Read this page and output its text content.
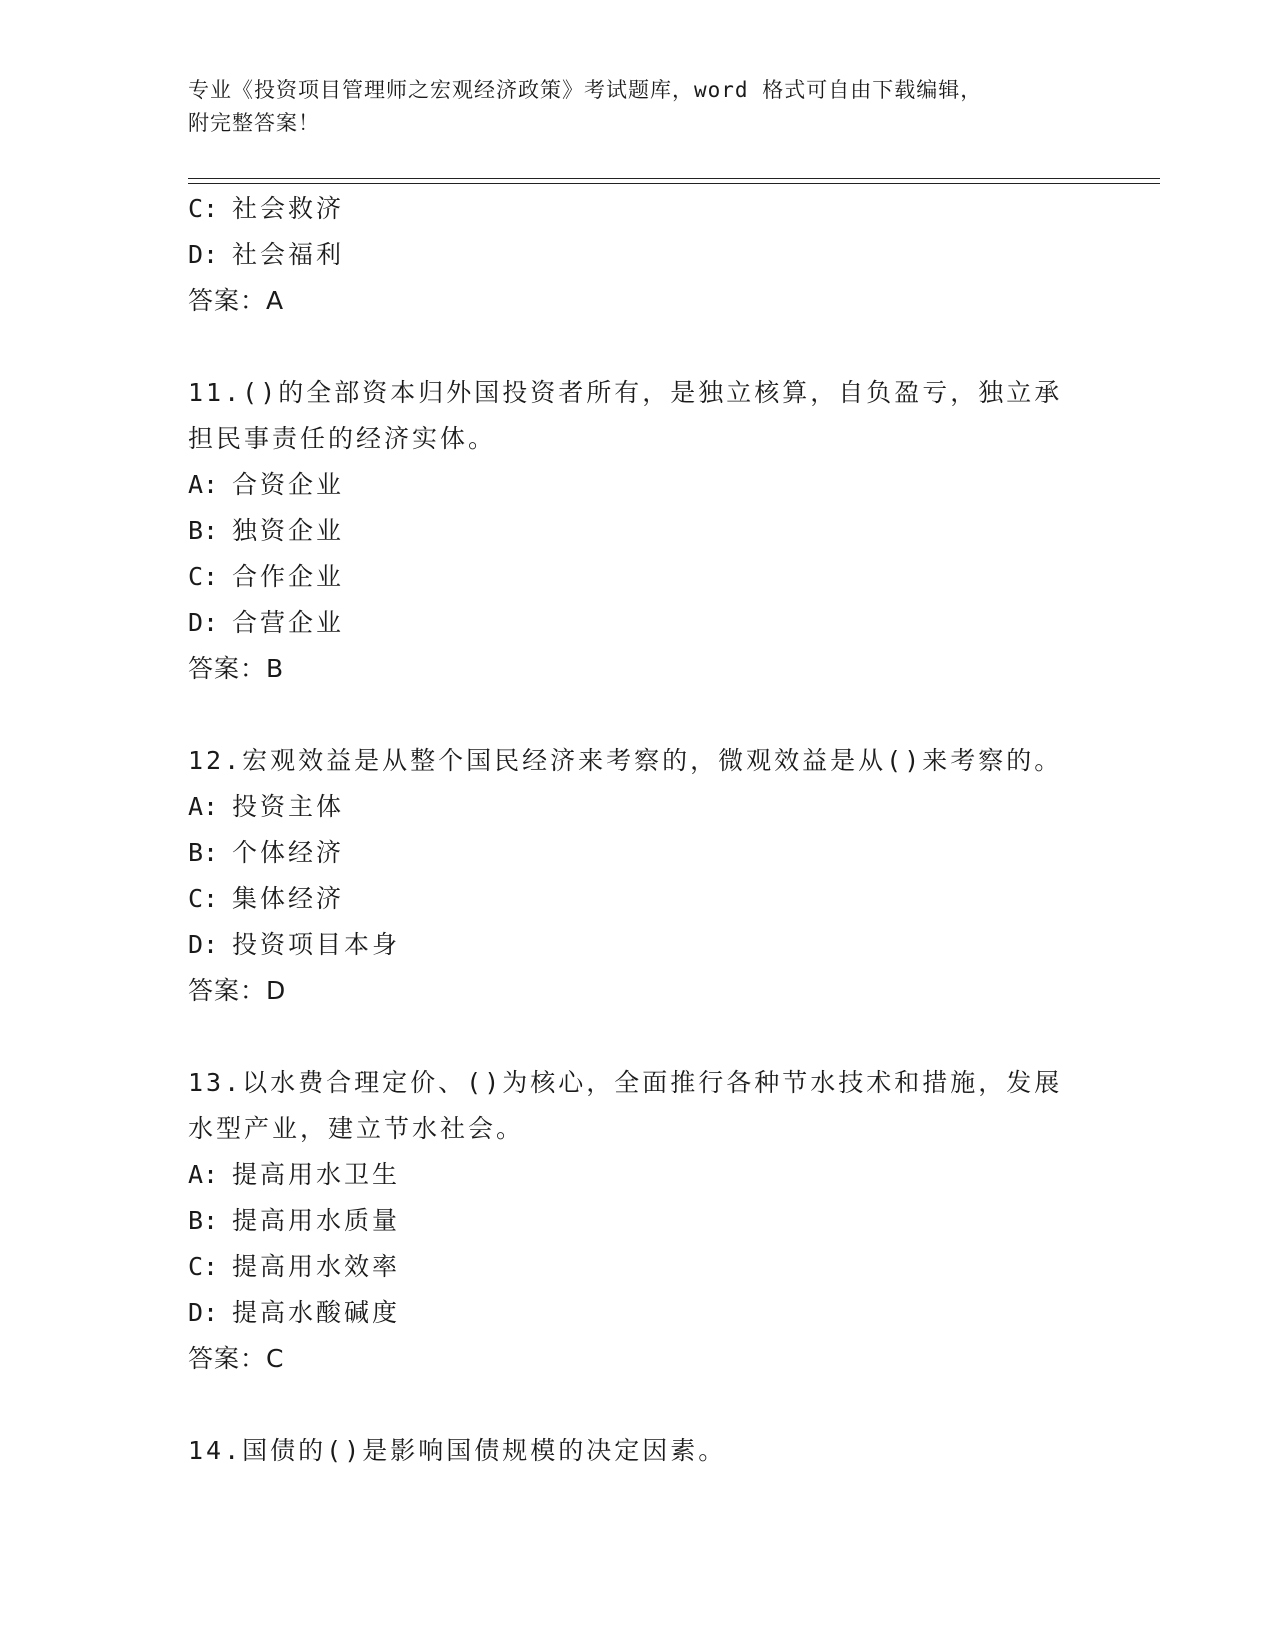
专业《投资项目管理师之宏观经济政策》考试题库，word 格式可自由下载编辑，
附完整答案！
C: 社会救济
D: 社会福利
答案：A
11.()的全部资本归外国投资者所有，是独立核算，自负盈亏，独立承
担民事责任的经济实体。
A: 合资企业
B: 独资企业
C: 合作企业
D: 合营企业
答案：B
12.宏观效益是从整个国民经济来考察的，微观效益是从()来考察的。
A: 投资主体
B: 个体经济
C: 集体经济
D: 投资项目本身
答案：D
13.以水费合理定价、()为核心，全面推行各种节水技术和措施，发展
水型产业，建立节水社会。
A: 提高用水卫生
B: 提高用水质量
C: 提高用水效率
D: 提高水酸碱度
答案：C
14.国债的()是影响国债规模的决定因素。
